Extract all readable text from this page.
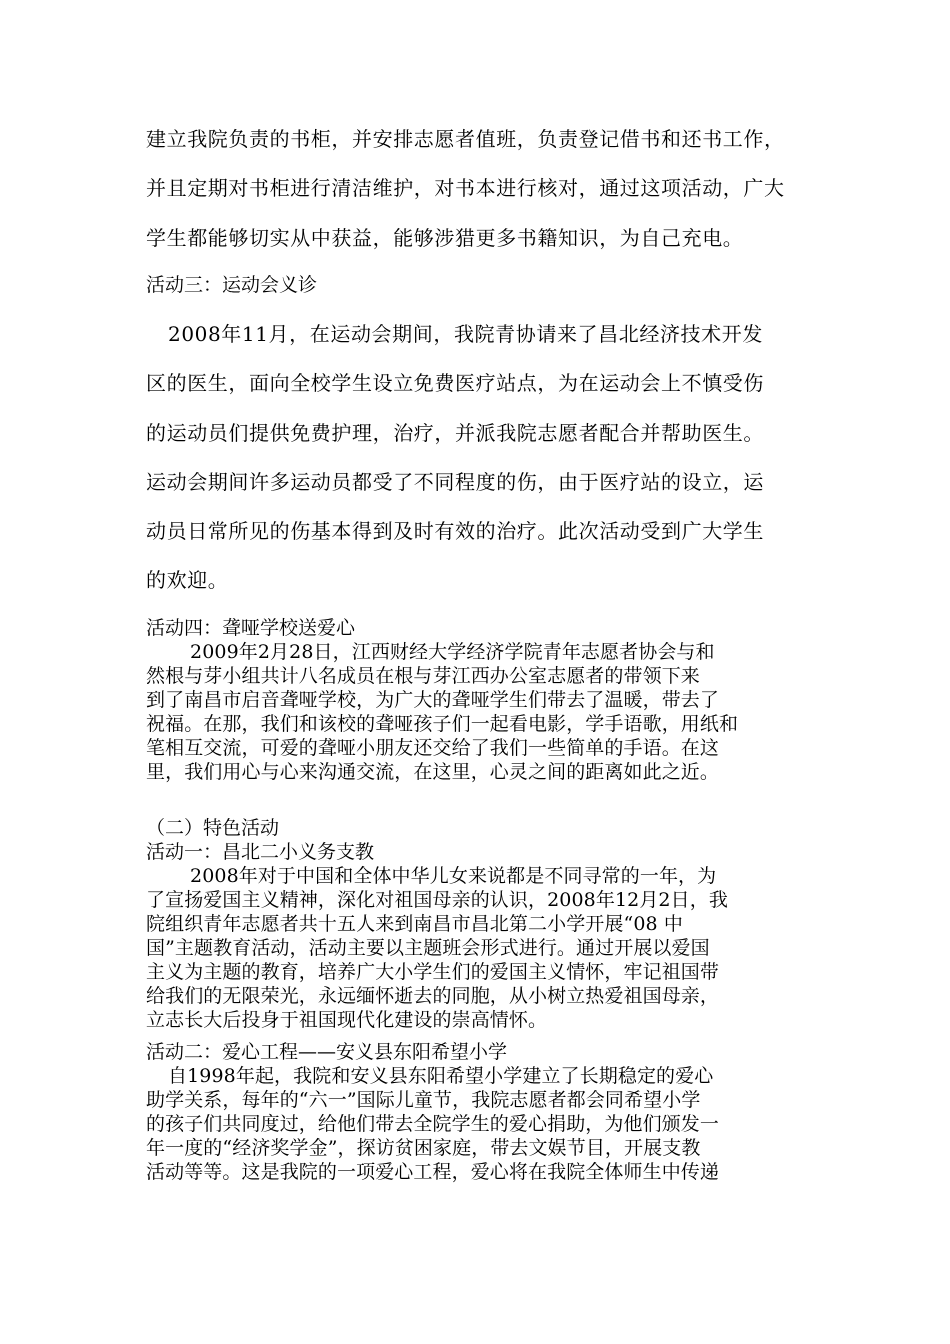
建立我院负责的书柜，并安排志愿者值班，负责登记借书和还书工作，
并且定期对书柜进行清洁维护，对书本进行核对，通过这项活动，广大
学生都能够切实从中获益，能够涉猎更多书籍知识，为自己充电。
活动三：运动会义诊
2008年11月，在运动会期间，我院青协请来了昌北经济技术开发
区的医生，面向全校学生设立免费医疗站点，为在运动会上不慎受伤
的运动员们提供免费护理，治疗，并派我院志愿者配合并帮助医生。
运动会期间许多运动员都受了不同程度的伤，由于医疗站的设立，运
动员日常所见的伤基本得到及时有效的治疗。此次活动受到广大学生
的欢迎。
活动四：聋哑学校送爱心
2009年2月28日，江西财经大学经济学院青年志愿者协会与和
然根与芽小组共计八名成员在根与芽江西办公室志愿者的带领下来
到了南昌市启音聋哑学校，为广大的聋哑学生们带去了温暖，带去了
祝福。在那，我们和该校的聋哑孩子们一起看电影，学手语歌，用纸和
笔相互交流，可爱的聋哑小朋友还交给了我们一些简单的手语。在这
里，我们用心与心来沟通交流，在这里，心灵之间的距离如此之近。
（二）特色活动
活动一：昌北二小义务支教
2008年对于中国和全体中华儿女来说都是不同寻常的一年，为
了宣扬爱国主义精神，深化对祖国母亲的认识，2008年12月2日，我
院组织青年志愿者共十五人来到南昌市昌北第二小学开展“08 中
国”主题教育活动，活动主要以主题班会形式进行。通过开展以爱国
主义为主题的教育，培养广大小学生们的爱国主义情怀，牢记祖国带
给我们的无限荣光，永远缅怀逝去的同胞，从小树立热爱祖国母亲，
立志长大后投身于祖国现代化建设的崇高情怀。
活动二：爱心工程——安义县东阳希望小学
自1998年起，我院和安义县东阳希望小学建立了长期稳定的爱心
助学关系，每年的“六一”国际儿童节，我院志愿者都会同希望小学
的孩子们共同度过，给他们带去全院学生的爱心捐助，为他们颁发一
年一度的“经济奖学金”，探访贫困家庭，带去文娱节目，开展支教
活动等等。这是我院的一项爱心工程，爱心将在我院全体师生中传递
